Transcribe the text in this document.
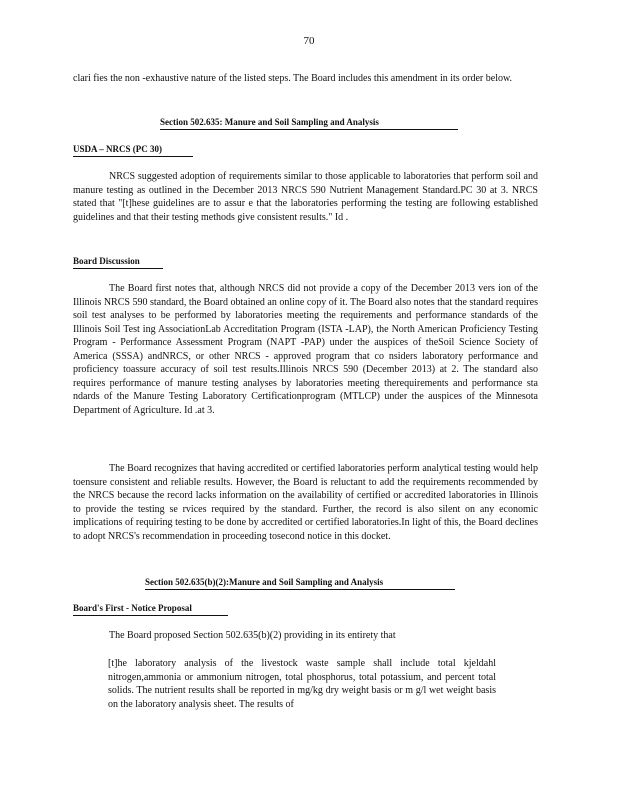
70

clari fies the non -exhaustive nature of the listed steps. The Board includes this amendment in its order below.

Section 502.635: Manure and Soil Sampling and Analysis
USDA – NRCS (PC 30)

NRCS suggested adoption of requirements similar to those applicable to laboratories that perform soil and manure testing as outlined in the December 2013 NRCS 590 Nutrient Management Standard.PC 30 at 3. NRCS stated that "[t]hese guidelines are to assur e that the laboratories performing the testing are following established guidelines and that their testing methods give consistent results." Id .

Board Discussion

The Board first notes that, although NRCS did not provide a copy of the December 2013 vers ion of the Illinois NRCS 590 standard, the Board obtained an online copy of it. The Board also notes that the standard requires soil test analyses to be performed by laboratories meeting the requirements and performance standards of the Illinois Soil Test ing AssociationLab Accreditation Program (ISTA -LAP), the North American Proficiency Testing Program - Performance Assessment Program (NAPT -PAP) under the auspices of theSoil Science Society of America (SSSA) andNRCS, or other NRCS - approved program that co nsiders laboratory performance and proficiency toassure accuracy of soil test results.Illinois NRCS 590 (December 2013) at 2. The standard also requires performance of manure testing analyses by laboratories meeting therequirements and performance sta ndards of the Manure Testing Laboratory Certificationprogram (MTLCP) under the auspices of the Minnesota Department of Agriculture. Id .at 3.

The Board recognizes that having accredited or certified laboratories perform analytical testing would help toensure consistent and reliable results. However, the Board is reluctant to add the requirements recommended by the NRCS because the record lacks information on the availability of certified or accredited laboratories in Illinois to provide the testing se rvices required by the standard. Further, the record is also silent on any economic implications of requiring testing to be done by accredited or certified laboratories.In light of this, the Board declines to adopt NRCS's recommendation in proceeding tosecond notice in this docket.

Section 502.635(b)(2):Manure and Soil Sampling and Analysis
Board's First - Notice Proposal

The Board proposed Section 502.635(b)(2) providing in its entirety that

[t]he laboratory analysis of the livestock waste sample shall include total kjeldahl nitrogen,ammonia or ammonium nitrogen, total phosphorus, total potassium, and percent total solids. The nutrient results shall be reported in mg/kg dry weight basis or m g/l wet weight basis on the laboratory analysis sheet. The results of
